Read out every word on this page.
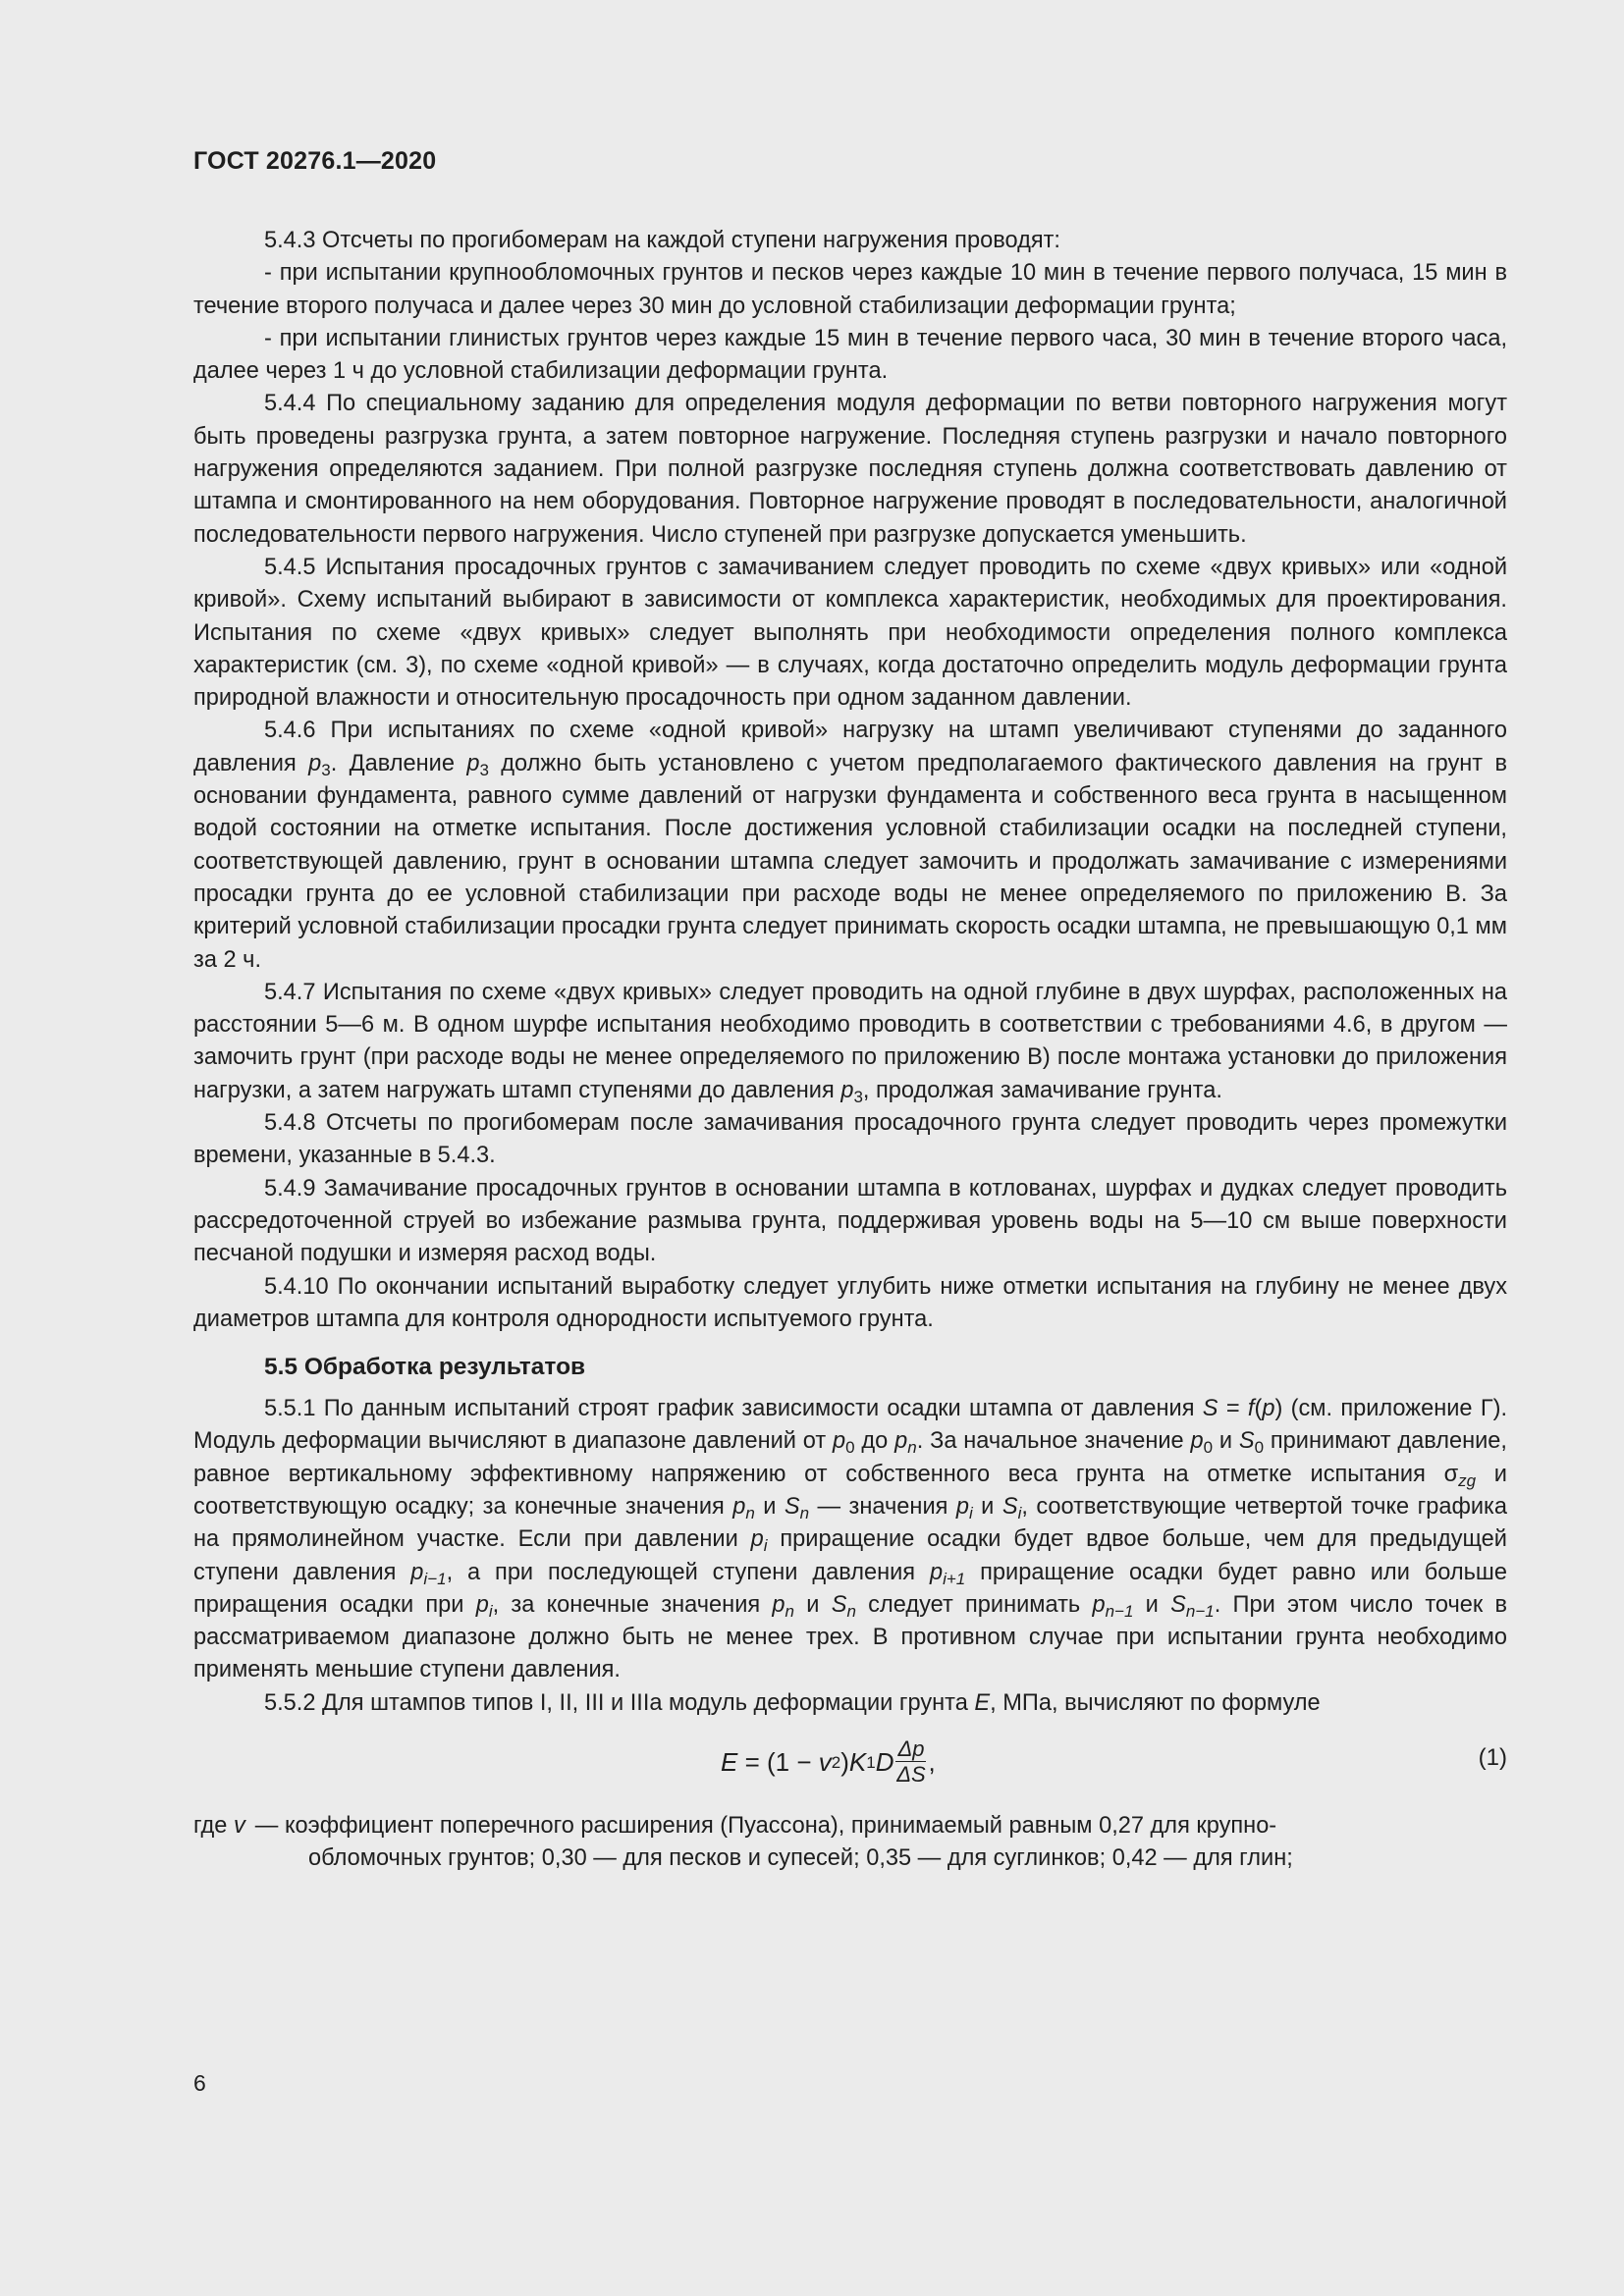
ГОСТ 20276.1—2020

5.4.3 Отсчеты по прогибомерам на каждой ступени нагружения проводят:

- при испытании крупнообломочных грунтов и песков через каждые 10 мин в течение первого получаса, 15 мин в течение второго получаса и далее через 30 мин до условной стабилизации деформации грунта;

- при испытании глинистых грунтов через каждые 15 мин в течение первого часа, 30 мин в течение второго часа, далее через 1 ч до условной стабилизации деформации грунта.

5.4.4 По специальному заданию для определения модуля деформации по ветви повторного нагружения могут быть проведены разгрузка грунта, а затем повторное нагружение. Последняя ступень разгрузки и начало повторного нагружения определяются заданием. При полной разгрузке последняя ступень должна соответствовать давлению от штампа и смонтированного на нем оборудования. Повторное нагружение проводят в последовательности, аналогичной последовательности первого нагружения. Число ступеней при разгрузке допускается уменьшить.

5.4.5 Испытания просадочных грунтов с замачиванием следует проводить по схеме «двух кривых» или «одной кривой». Схему испытаний выбирают в зависимости от комплекса характеристик, необходимых для проектирования. Испытания по схеме «двух кривых» следует выполнять при необходимости определения полного комплекса характеристик (см. 3), по схеме «одной кривой» — в случаях, когда достаточно определить модуль деформации грунта природной влажности и относительную просадочность при одном заданном давлении.

5.4.6 При испытаниях по схеме «одной кривой» нагрузку на штамп увеличивают ступенями до заданного давления $p_3$. Давление $p_3$ должно быть установлено с учетом предполагаемого фактического давления на грунт в основании фундамента, равного сумме давлений от нагрузки фундамента и собственного веса грунта в насыщенном водой состоянии на отметке испытания. После достижения условной стабилизации осадки на последней ступени, соответствующей давлению, грунт в основании штампа следует замочить и продолжать замачивание с измерениями просадки грунта до ее условной стабилизации при расходе воды не менее определяемого по приложению В. За критерий условной стабилизации просадки грунта следует принимать скорость осадки штампа, не превышающую 0,1 мм за 2 ч.

5.4.7 Испытания по схеме «двух кривых» следует проводить на одной глубине в двух шурфах, расположенных на расстоянии 5—6 м. В одном шурфе испытания необходимо проводить в соответствии с требованиями 4.6, в другом — замочить грунт (при расходе воды не менее определяемого по приложению В) после монтажа установки до приложения нагрузки, а затем нагружать штамп ступенями до давления $p_3$, продолжая замачивание грунта.

5.4.8 Отсчеты по прогибомерам после замачивания просадочного грунта следует проводить через промежутки времени, указанные в 5.4.3.

5.4.9 Замачивание просадочных грунтов в основании штампа в котлованах, шурфах и дудках следует проводить рассредоточенной струей во избежание размыва грунта, поддерживая уровень воды на 5—10 см выше поверхности песчаной подушки и измеряя расход воды.

5.4.10 По окончании испытаний выработку следует углубить ниже отметки испытания на глубину не менее двух диаметров штампа для контроля однородности испытуемого грунта.

5.5 Обработка результатов

5.5.1 По данным испытаний строят график зависимости осадки штампа от давления S = f(p) (см. приложение Г). Модуль деформации вычисляют в диапазоне давлений от $p_0$ до $p_n$. За начальное значение $p_0$ и $S_0$ принимают давление, равное вертикальному эффективному напряжению от собственного веса грунта на отметке испытания $\sigma_{zg}$ и соответствующую осадку; за конечные значения $p_n$ и $S_n$ — значения $p_i$ и $S_i$, соответствующие четвертой точке графика на прямолинейном участке. Если при давлении $p_i$ приращение осадки будет вдвое больше, чем для предыдущей ступени давления $p_{i-1}$, а при последующей ступени давления $p_{i+1}$ приращение осадки будет равно или больше приращения осадки при $p_i$, за конечные значения $p_n$ и $S_n$ следует принимать $p_{n-1}$ и $S_{n-1}$. При этом число точек в рассматриваемом диапазоне должно быть не менее трех. В противном случае при испытании грунта необходимо применять меньшие ступени давления.

5.5.2 Для штампов типов I, II, III и IIIа модуль деформации грунта E, МПа, вычисляют по формуле

E = (1 − v 2 ) K 1 D $\frac{\Delta p}{\Delta S}$ ,	(1)
где v — коэффициент поперечного расширения (Пуассона), принимаемый равным 0,27 для крупно-
обломочных грунтов; 0,30 — для песков и супесей; 0,35 — для суглинков; 0,42 — для глин;
6
